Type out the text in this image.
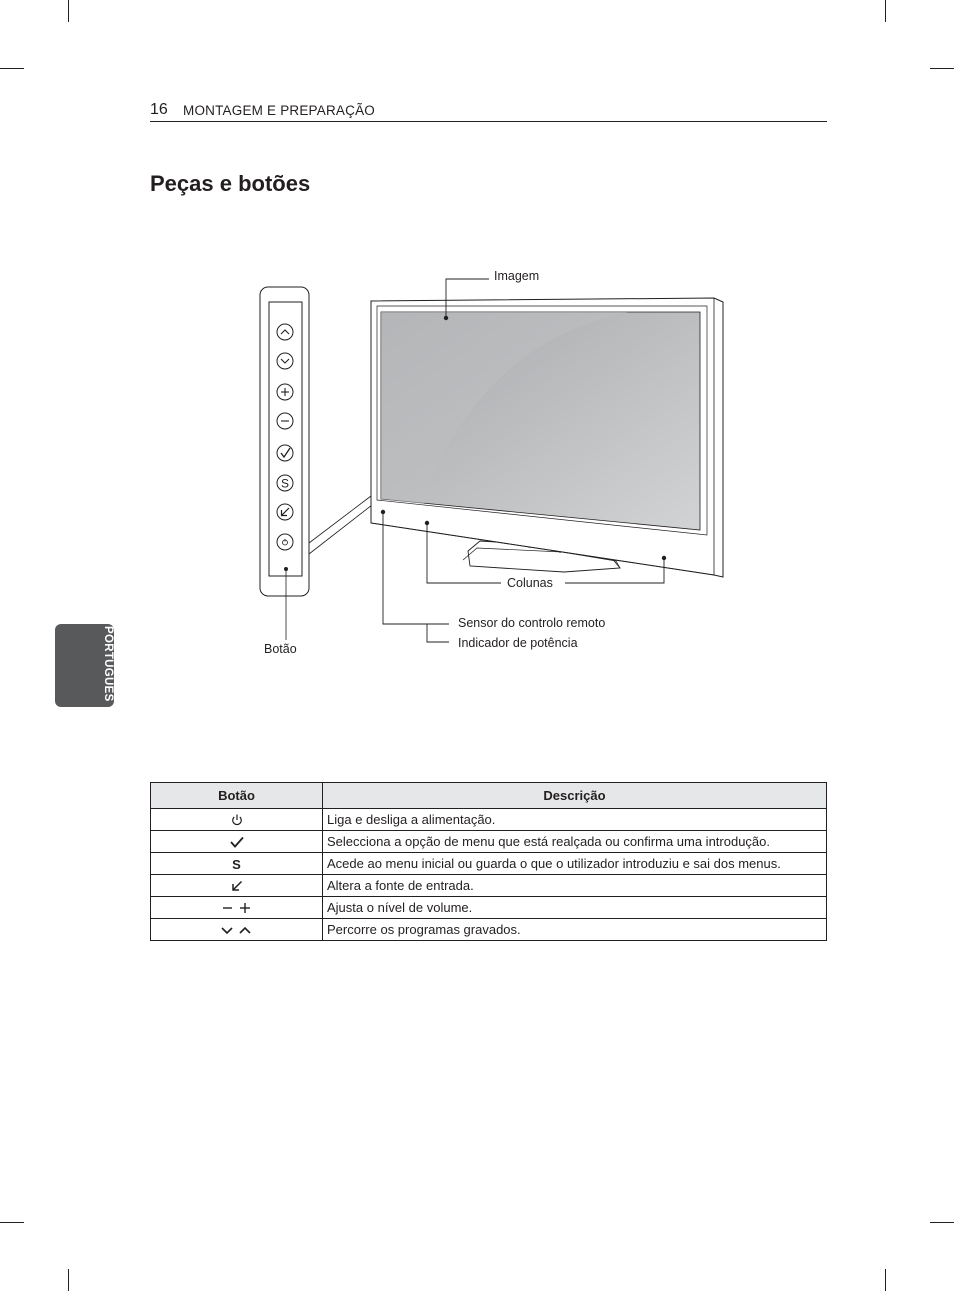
16 MONTAGEM E PREPARAÇÃO
Peças e botões
S
Imagem
Colunas
Sensor do controlo remoto
Indicador de potência
Botão
PORTUGUÊS
Botão	Descrição
	Liga e desliga a alimentação.
	Selecciona a opção de menu que está realçada ou confirma uma introdução.
S	Acede ao menu inicial ou guarda o que o utilizador introduziu e sai dos menus.
	Altera a fonte de entrada.
	Ajusta o nível de volume.
	Percorre os programas gravados.
